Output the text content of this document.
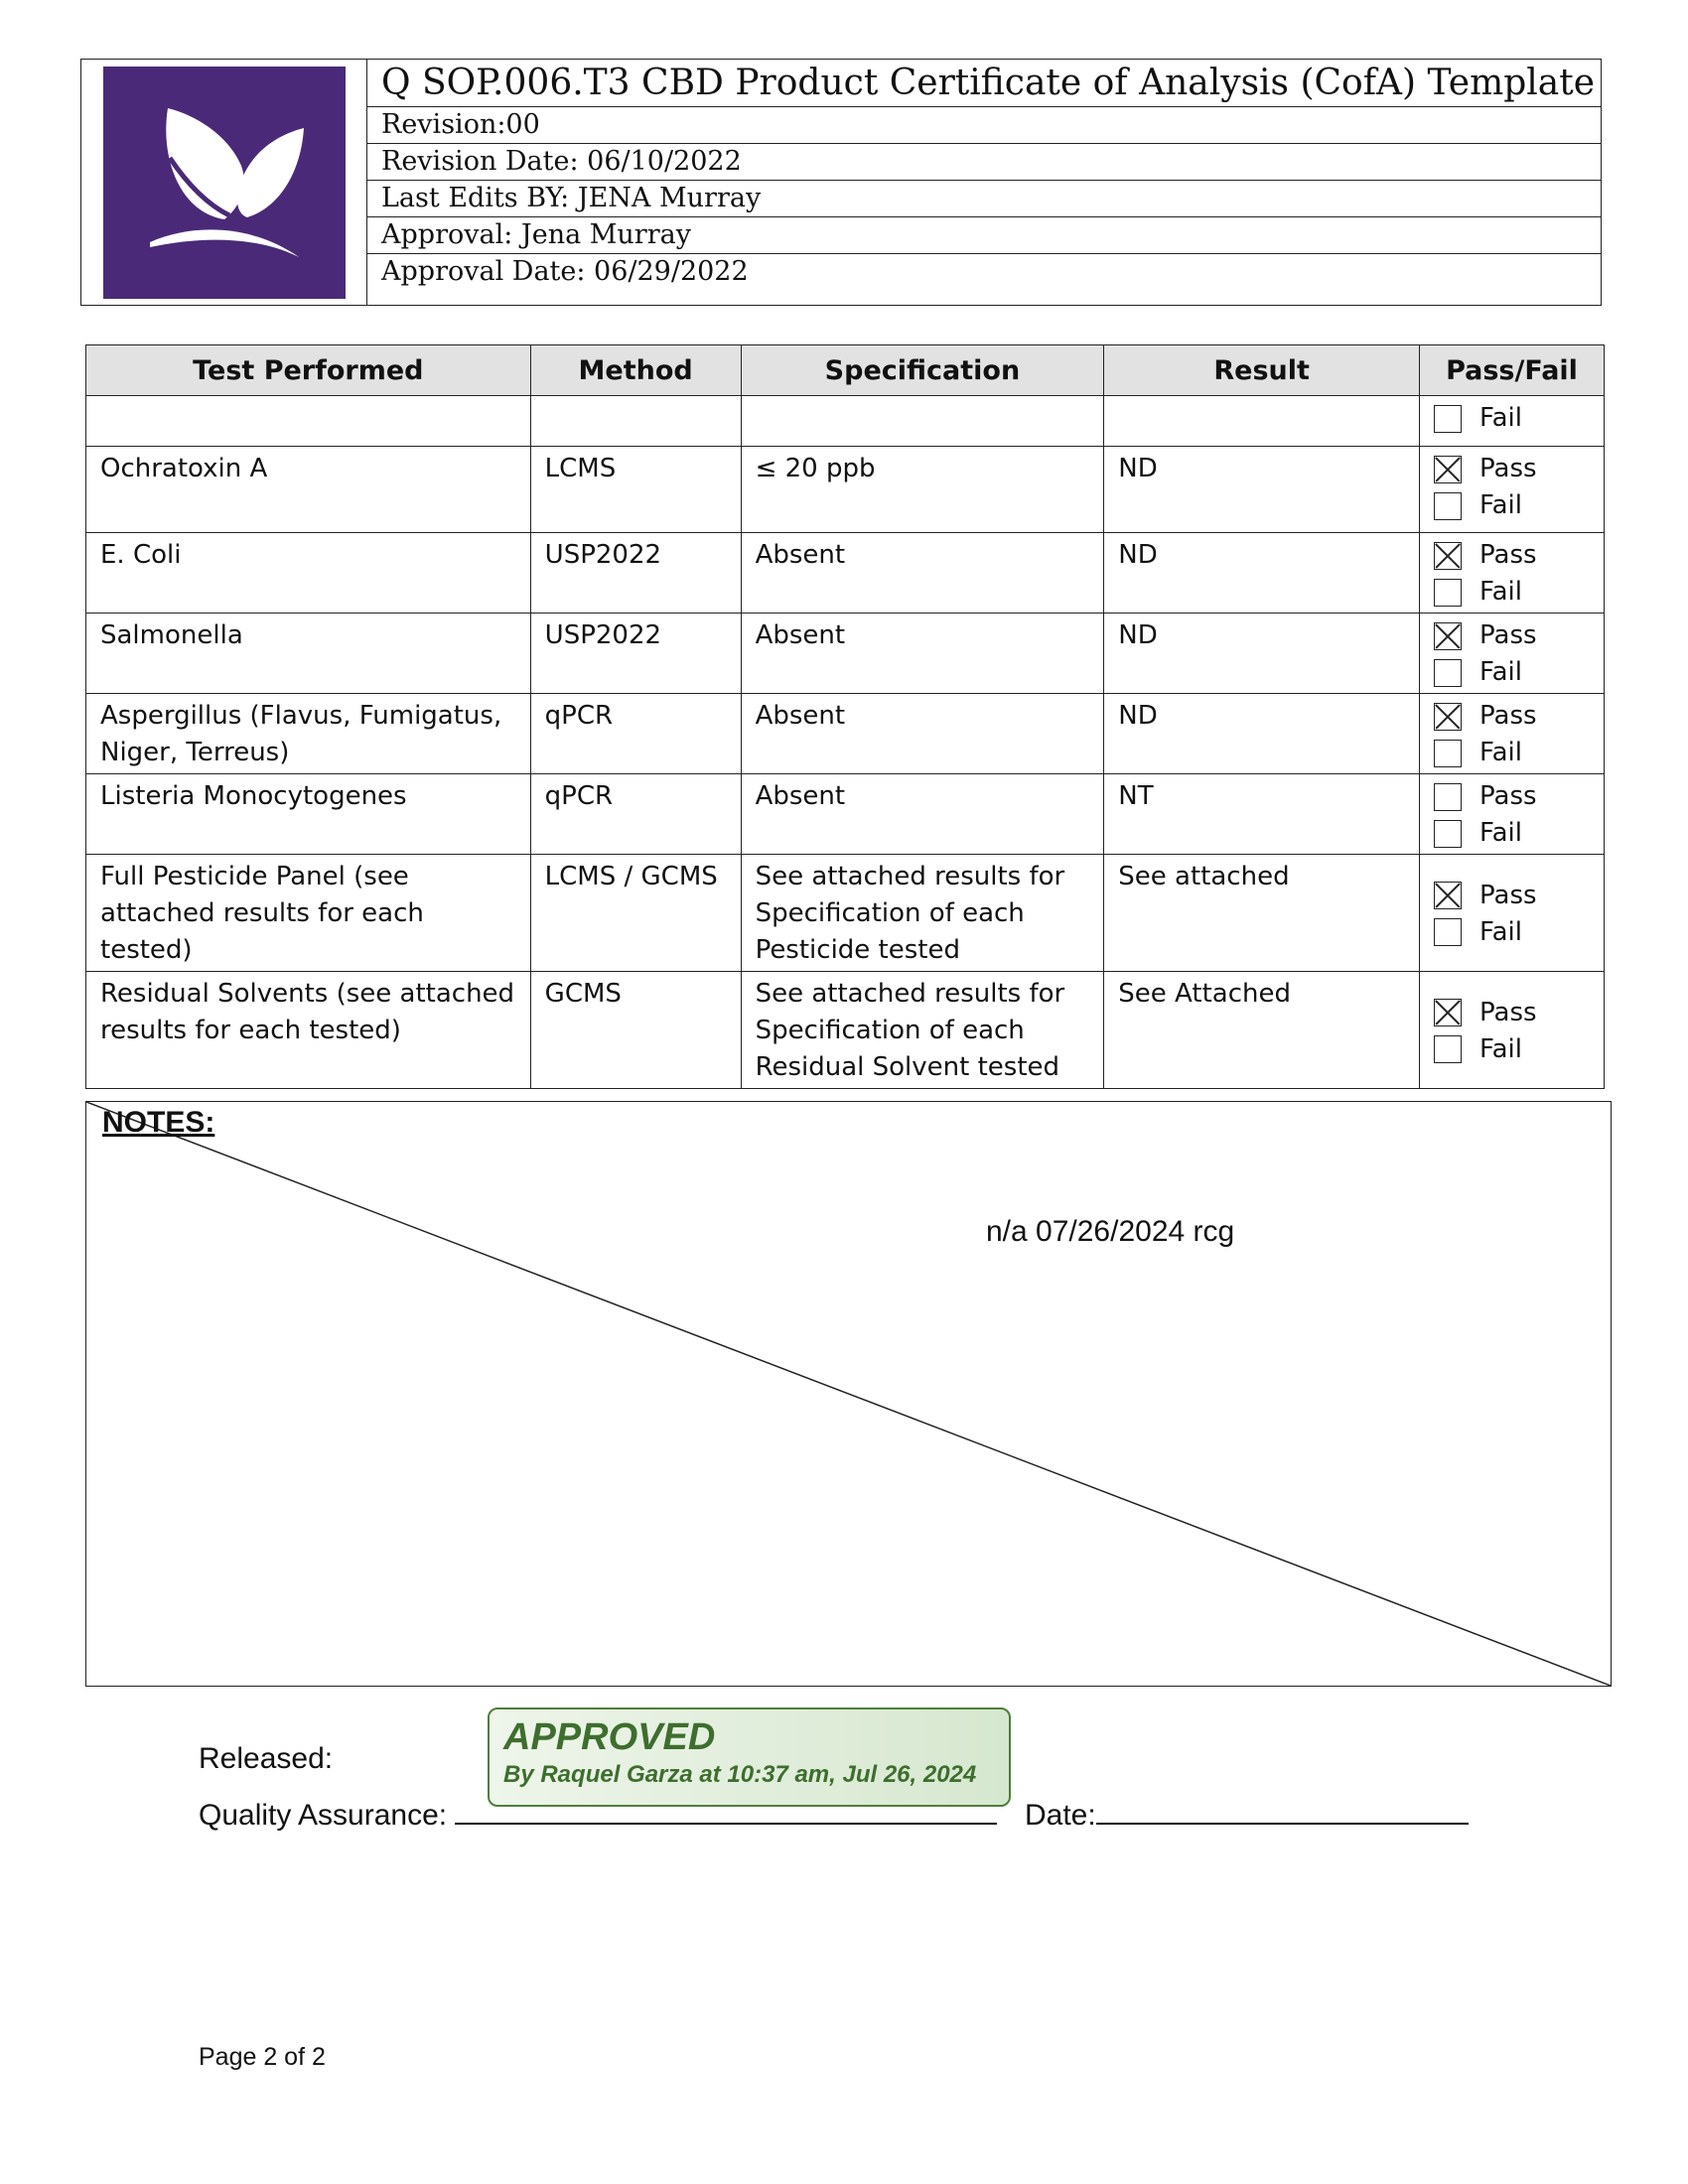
Q SOP.006.T3 CBD Product Certificate of Analysis (CofA) Template
Revision:00
Revision Date: 06/10/2022
Last Edits BY: JENA Murray
Approval: Jena Murray
Approval Date: 06/29/2022
Test Performed	Method	Specification	Result	Pass/Fail

				Fail

Ochratoxin A	LCMS	≤ 20 ppb	ND	Pass
Fail

E. Coli	USP2022	Absent	ND	Pass
Fail

Salmonella	USP2022	Absent	ND	Pass
Fail

Aspergillus (Flavus, Fumigatus, Niger, Terreus)	qPCR	Absent	ND	Pass
Fail

Listeria Monocytogenes	qPCR	Absent	NT	Pass
Fail

Full Pesticide Panel (see attached results for each tested)	LCMS / GCMS	See attached results for Specification of each Pesticide tested	See attached	Pass
Fail

Residual Solvents (see attached results for each tested)	GCMS	See attached results for Specification of each Residual Solvent tested	See Attached	Pass
Fail
NOTES:
n/a 07/26/2024 rcg
Released:
Quality Assurance:	Date:
APPROVED
By Raquel Garza at 10:37 am, Jul 26, 2024
Page 2 of 2
